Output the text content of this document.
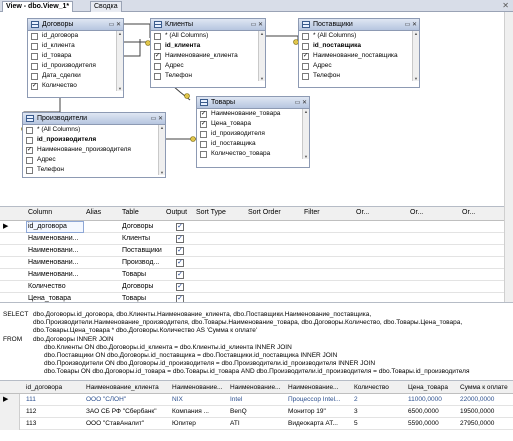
View - dbo.View_1*	Сводка	✕
Договоры	▭ ✕
id_договора
id_клиента
id_товара
id_производителя
Дата_сделки
✓ Количество
▲ ▼
Клиенты	▭ ✕
* (All Columns)
id_клиента
✓ Наименование_клиента
Адрес
Телефон
▲ ▼
Поставщики	▭ ✕
* (All Columns)
id_поставщика
✓ Наименование_поставщика
Адрес
Телефон
▲ ▼
Производители	▭ ✕
* (All Columns)
id_производителя
✓ Наименование_производителя
Адрес
Телефон
▲ ▼
Товары	▭ ✕
✓ Наименование_товара
✓ Цена_товара
id_производителя
id_поставщика
Количество_товара
▲ ▼
Column	Alias	Table	Output Sort Type	Sort Order	Filter	Or...	Or...	Or...
▶	id_договора	Договоры	✓
Наименовани...	Клиенты	✓
Наименовани...	Поставщики ✓
Наименовани...	Производ...	✓
Наименовани...	Товары	✓
Количество	Договоры	✓
Цена_товара	Товары	✓
SELECT dbo.Договоры.id_договора, dbo.Клиенты.Наименование_клиента, dbo.Поставщики.Наименование_поставщика,
dbo.Производители.Наименование_производителя, dbo.Товары.Наименование_товара, dbo.Договоры.Количество, dbo.Товары.Цена_товара,
dbo.Товары.Цена_товара * dbo.Договоры.Количество AS 'Сумма к оплате'
FROM dbo.Договоры INNER JOIN
dbo.Клиенты ON dbo.Договоры.id_клиента = dbo.Клиенты.id_клиента INNER JOIN
dbo.Поставщики ON dbo.Договоры.id_поставщика = dbo.Поставщики.id_поставщика INNER JOIN
dbo.Производители ON dbo.Договоры.id_производителя = dbo.Производители.id_производителя INNER JOIN
dbo.Товары ON dbo.Договоры.id_товара = dbo.Товары.id_товара AND dbo.Производители.id_производителя = dbo.Товары.id_производителя
id_договора	Наименование_клиента Наименование... Наименование... Наименование... Количество	Цена_товара Сумма к оплате
▶	111	ООО "СЛОН"	NIX	Intel	Процессор Intel... 2	11000,0000	22000,0000
112	ЗАО СБ РФ "Сбербанк" Компания ...	BenQ	Монитор 19"	3	6500,0000	19500,0000
113	ООО "СтавАналит"	Юпитер	ATI	Видеокарта АТ... 5	5590,0000	27950,0000
